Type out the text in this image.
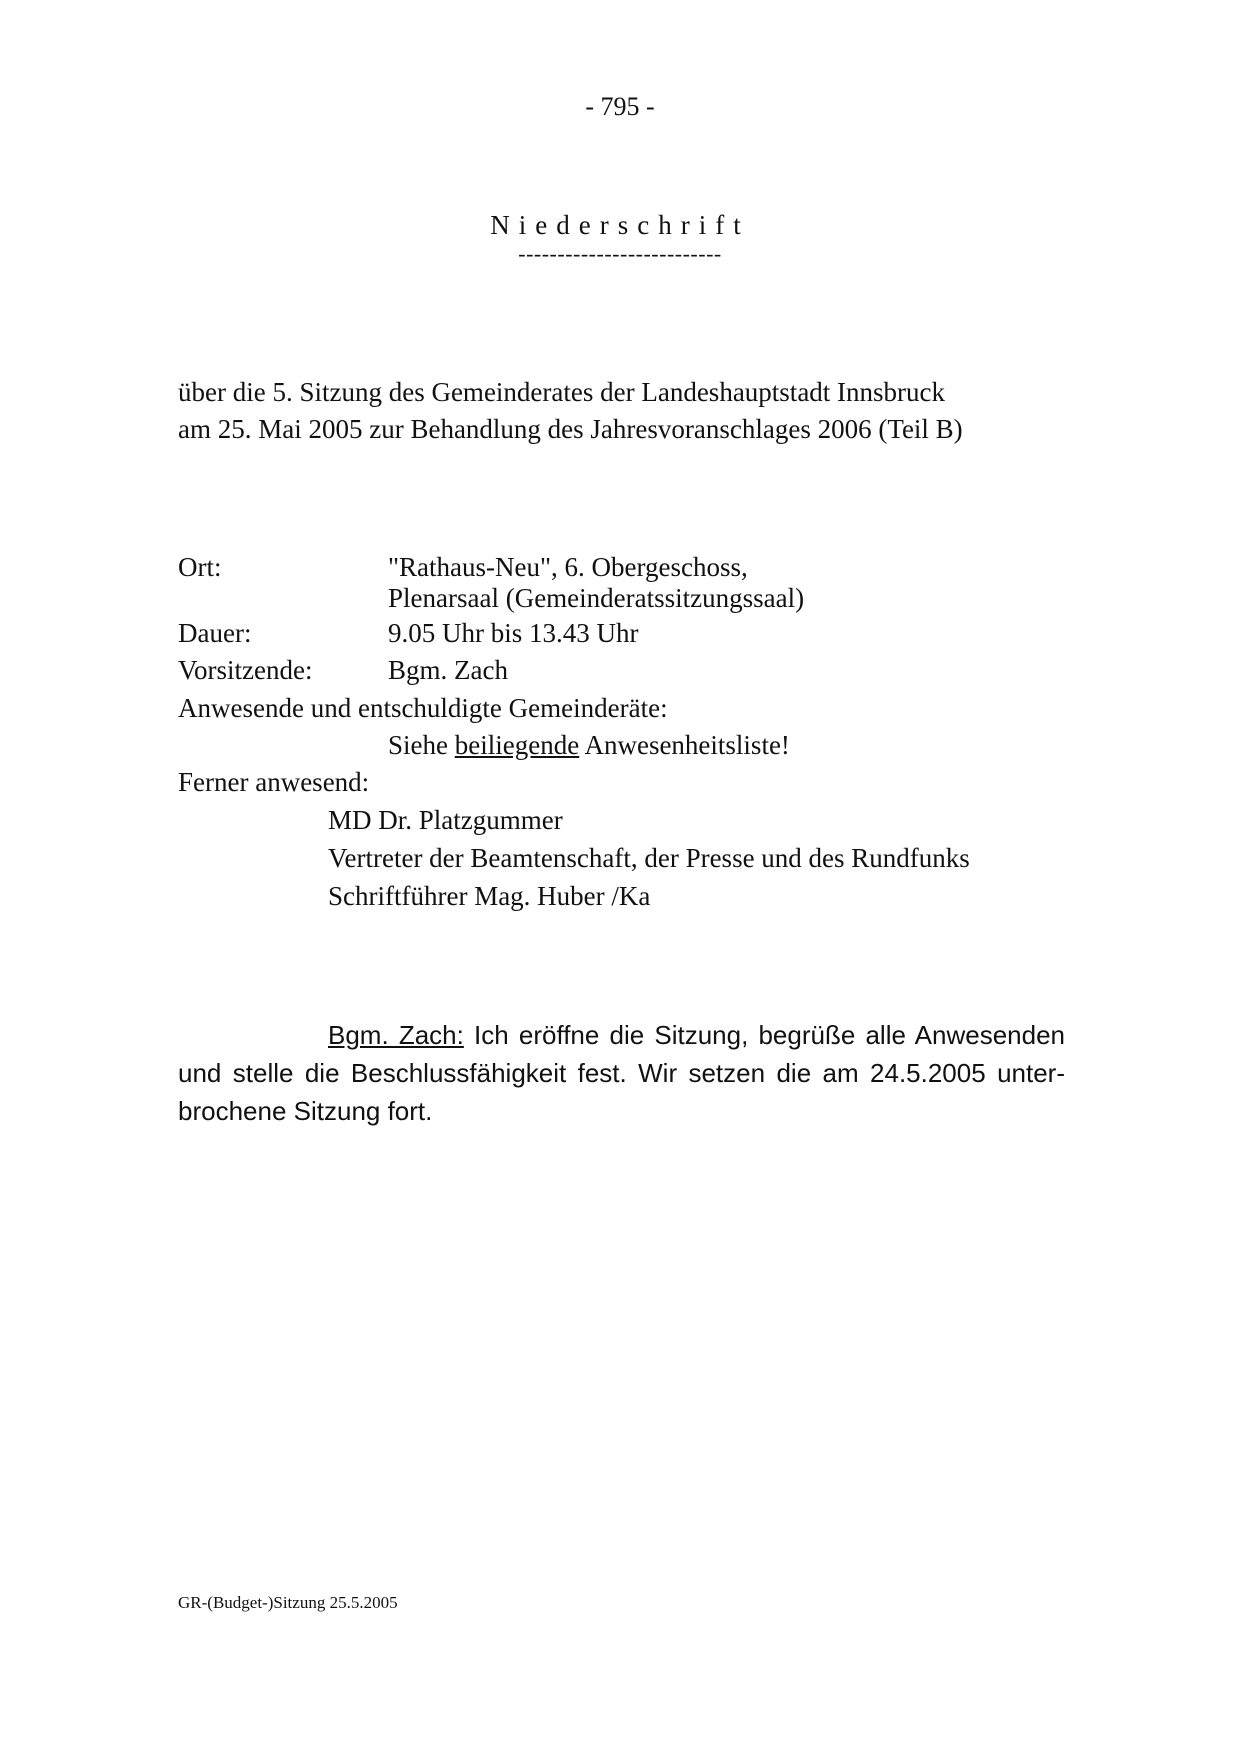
- 795 -
Niederschrift
--------------------------
über die 5. Sitzung des Gemeinderates der Landeshauptstadt Innsbruck
am 25. Mai 2005 zur Behandlung des Jahresvoranschlages 2006 (Teil B)
Ort:	"Rathaus-Neu", 6. Obergeschoss,
Plenarsaal (Gemeinderatssitzungssaal)
Dauer:	9.05 Uhr bis 13.43 Uhr
Vorsitzende:	Bgm. Zach
Anwesende und entschuldigte Gemeinderäte:
Siehe beiliegende Anwesenheitsliste!
Ferner anwesend:
MD Dr. Platzgummer
Vertreter der Beamtenschaft, der Presse und des Rundfunks
Schriftführer Mag. Huber /Ka
Bgm. Zach: Ich eröffne die Sitzung, begrüße alle Anwesenden
und stelle die Beschlussfähigkeit fest. Wir setzen die am 24.5.2005 unter-
brochene Sitzung fort.
GR-(Budget-)Sitzung 25.5.2005
